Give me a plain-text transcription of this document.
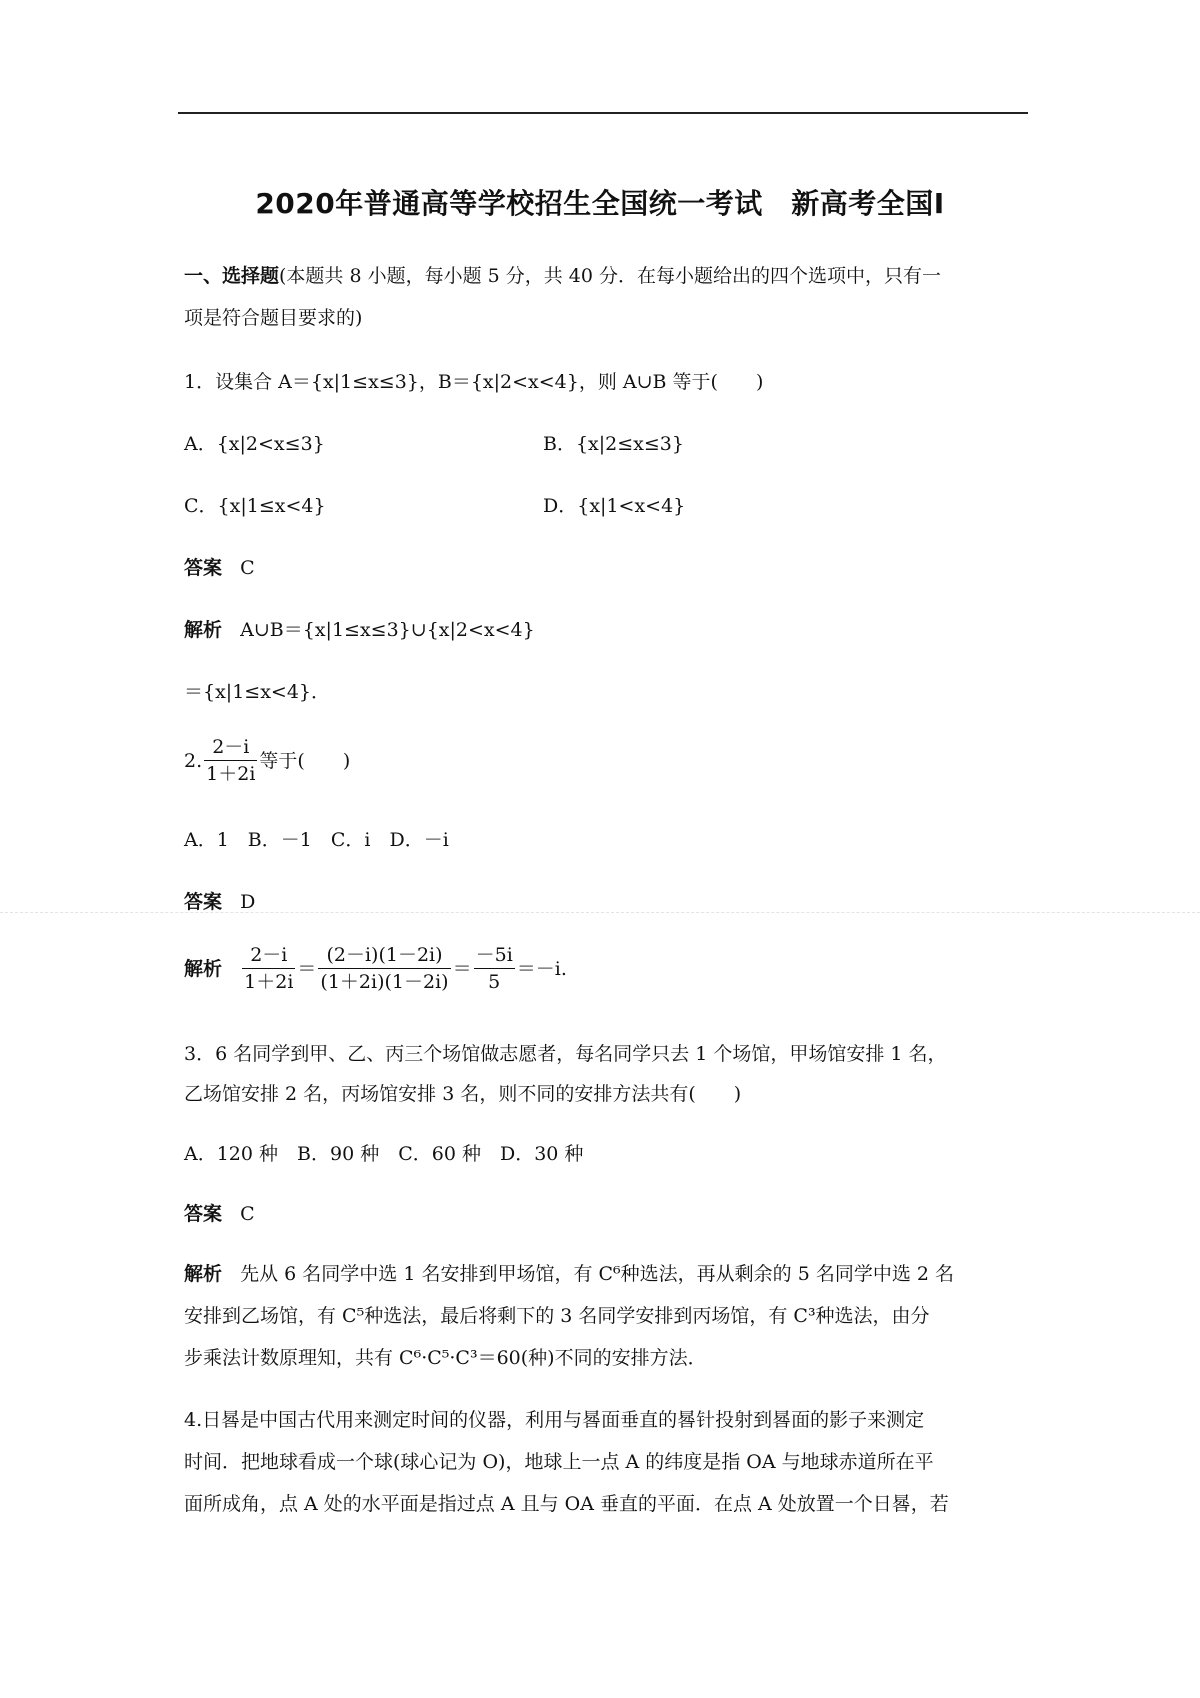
2020年普通高等学校招生全国统一考试　新高考全国Ⅰ
一、选择题(本题共 8 小题，每小题 5 分，共 40 分．在每小题给出的四个选项中，只有一
项是符合题目要求的)
1．设集合 A＝{x|1≤x≤3}，B＝{x|2<x<4}，则 A∪B 等于(　　)
A．{x|2<x≤3}	B．{x|2≤x≤3}
C．{x|1≤x<4}	D．{x|1<x<4}
答案 C
解析 A∪B＝{x|1≤x≤3}∪{x|2<x<4}
＝{x|1≤x<4}．
2. $\frac{2-i}{1+2i}$ 等于(　　)
A．1　B．－1　C．i　D．－i
答案 D
解析
$\frac{2-i}{1+2i} = \frac{(2-i)(1-2i)}{(1+2i)(1-2i)} = \frac{-5i}{5} =-i$.
3．6 名同学到甲、乙、丙三个场馆做志愿者，每名同学只去 1 个场馆，甲场馆安排 1 名，
乙场馆安排 2 名，丙场馆安排 3 名，则不同的安排方法共有(　　)
A．120 种　B．90 种　C．60 种　D．30 种
答案 C
解析 先从 6 名同学中选 1 名安排到甲场馆，有 C⁶种选法，再从剩余的 5 名同学中选 2 名
安排到乙场馆，有 C⁵种选法，最后将剩下的 3 名同学安排到丙场馆，有 C³种选法，由分
步乘法计数原理知，共有 C⁶·C⁵·C³＝60(种)不同的安排方法．
4.日晷是中国古代用来测定时间的仪器，利用与晷面垂直的晷针投射到晷面的影子来测定
时间．把地球看成一个球(球心记为 O)，地球上一点 A 的纬度是指 OA 与地球赤道所在平
面所成角，点 A 处的水平面是指过点 A 且与 OA 垂直的平面．在点 A 处放置一个日晷，若
